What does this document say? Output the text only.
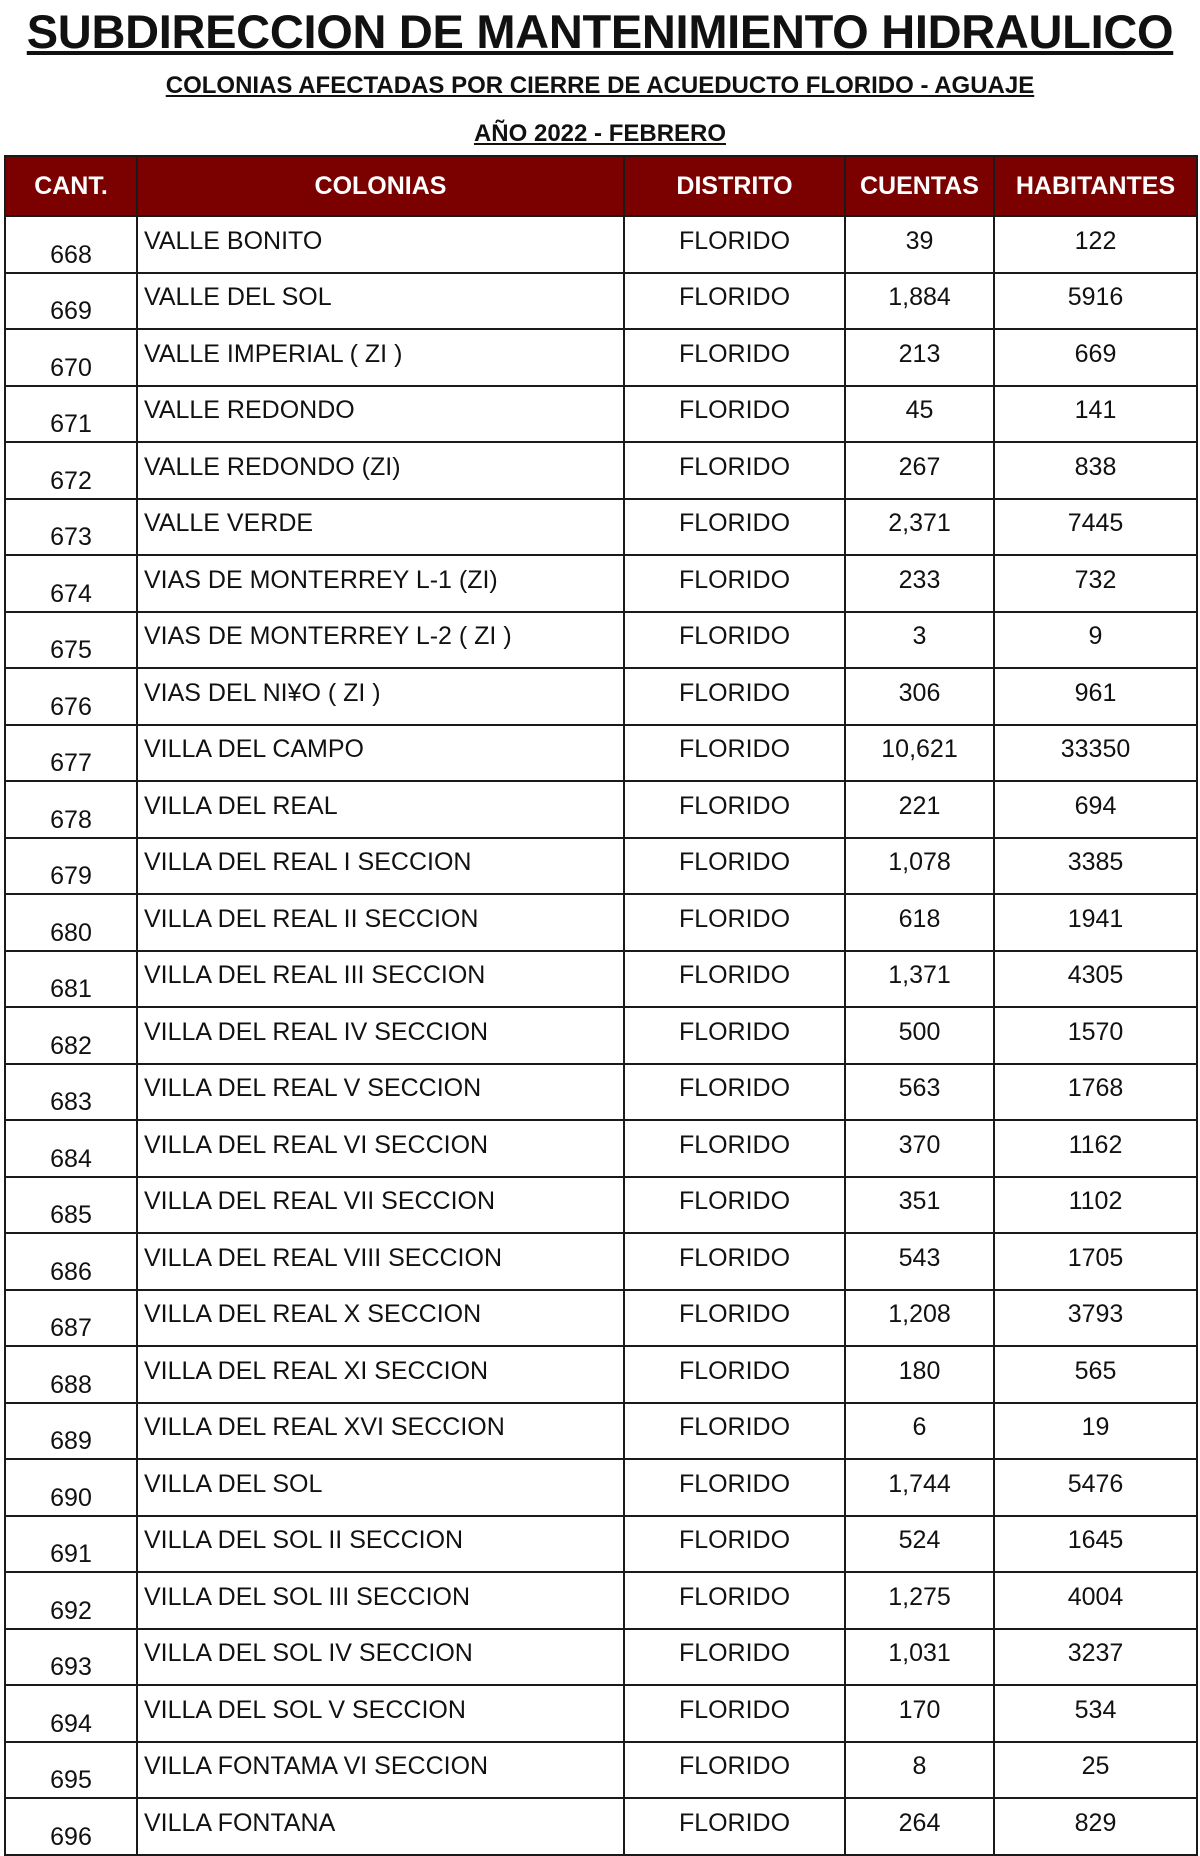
SUBDIRECCION DE MANTENIMIENTO HIDRAULICO
COLONIAS AFECTADAS POR CIERRE DE ACUEDUCTO FLORIDO - AGUAJE
AÑO 2022 - FEBRERO
CANT.	COLONIAS	DISTRITO	CUENTAS	HABITANTES
668	VALLE BONITO	FLORIDO	39	122
669	VALLE DEL SOL	FLORIDO	1,884	5916
670	VALLE IMPERIAL ( ZI )	FLORIDO	213	669
671	VALLE REDONDO	FLORIDO	45	141
672	VALLE REDONDO (ZI)	FLORIDO	267	838
673	VALLE VERDE	FLORIDO	2,371	7445
674	VIAS DE MONTERREY L-1 (ZI)	FLORIDO	233	732
675	VIAS DE MONTERREY L-2 ( ZI )	FLORIDO	3	9
676	VIAS DEL NI¥O ( ZI )	FLORIDO	306	961
677	VILLA DEL CAMPO	FLORIDO	10,621	33350
678	VILLA DEL REAL	FLORIDO	221	694
679	VILLA DEL REAL I SECCION	FLORIDO	1,078	3385
680	VILLA DEL REAL II SECCION	FLORIDO	618	1941
681	VILLA DEL REAL III SECCION	FLORIDO	1,371	4305
682	VILLA DEL REAL IV SECCION	FLORIDO	500	1570
683	VILLA DEL REAL V SECCION	FLORIDO	563	1768
684	VILLA DEL REAL VI SECCION	FLORIDO	370	1162
685	VILLA DEL REAL VII SECCION	FLORIDO	351	1102
686	VILLA DEL REAL VIII SECCION	FLORIDO	543	1705
687	VILLA DEL REAL X SECCION	FLORIDO	1,208	3793
688	VILLA DEL REAL XI SECCION	FLORIDO	180	565
689	VILLA DEL REAL XVI SECCION	FLORIDO	6	19
690	VILLA DEL SOL	FLORIDO	1,744	5476
691	VILLA DEL SOL II SECCION	FLORIDO	524	1645
692	VILLA DEL SOL III SECCION	FLORIDO	1,275	4004
693	VILLA DEL SOL IV SECCION	FLORIDO	1,031	3237
694	VILLA DEL SOL V SECCION	FLORIDO	170	534
695	VILLA FONTAMA VI SECCION	FLORIDO	8	25
696	VILLA FONTANA	FLORIDO	264	829
